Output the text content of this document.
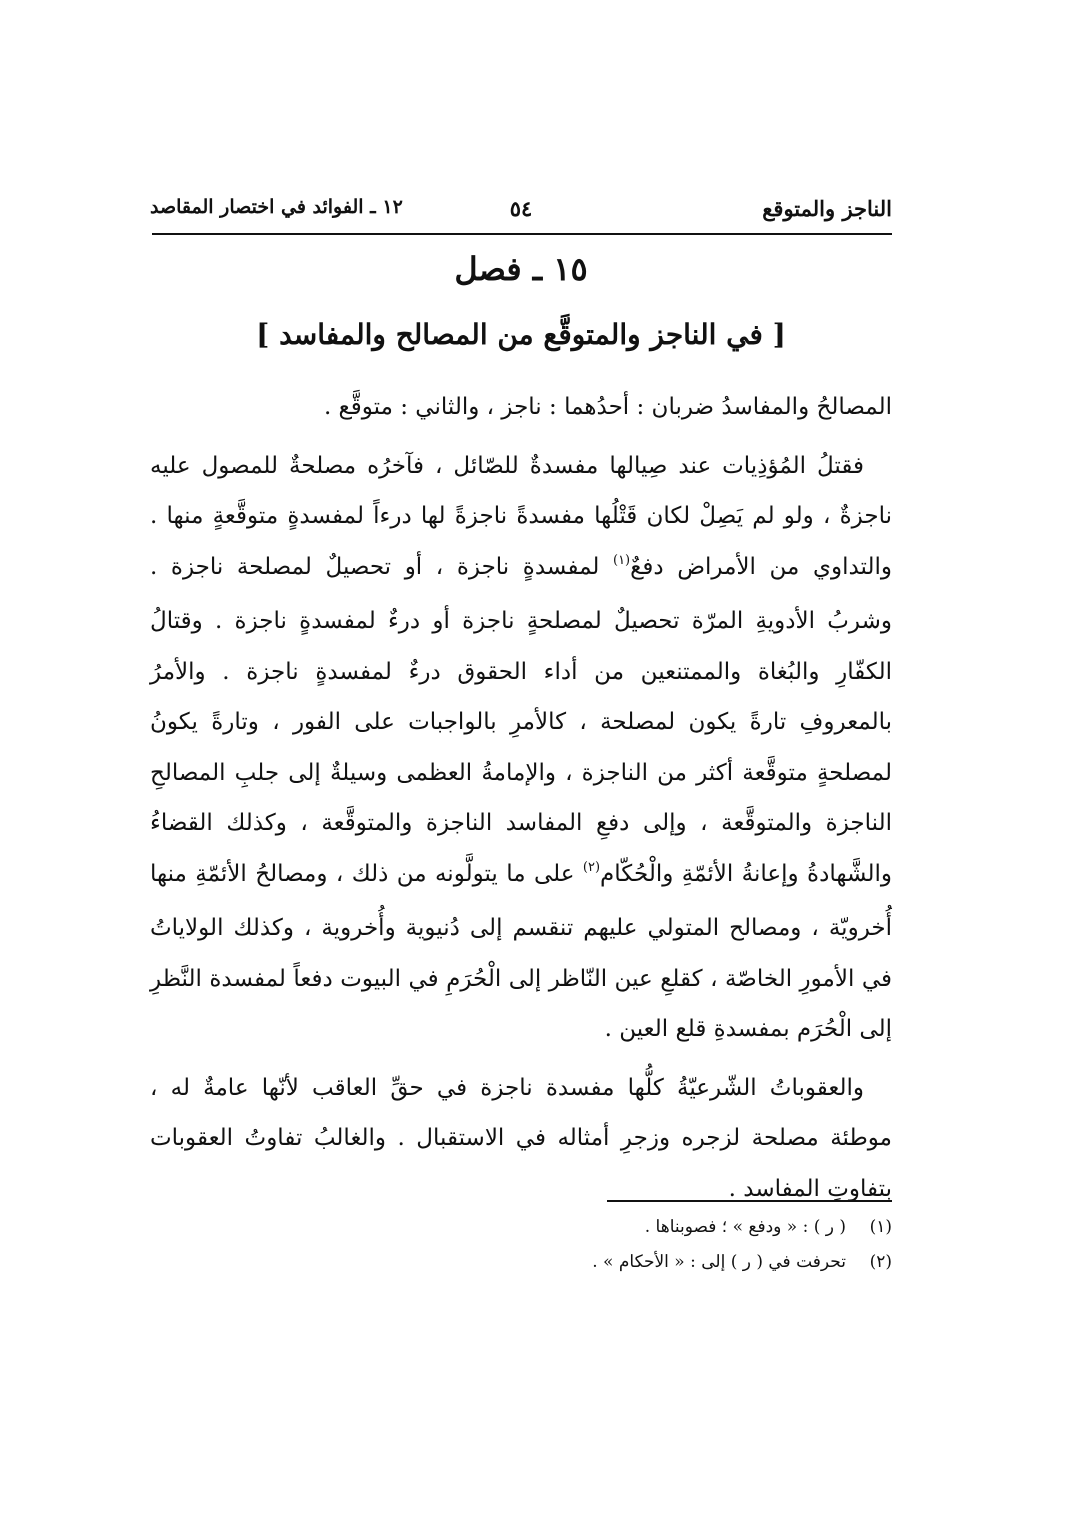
الناجز والمتوقع
٥٤
١٢ ـ الفوائد في اختصار المقاصد
١٥ ـ فصل
[ في الناجز والمتوقَّع من المصالح والمفاسد ]

المصالحُ والمفاسدُ ضربان : أحدُهما : ناجز ، والثاني : متوقَّع .

فقتلُ المُؤذِيات عند صِيالها مفسدةٌ للصّائل ، فآخرُه مصلحةٌ للمصول عليه ناجزةٌ ، ولو لم يَصِلْ لكان قَتْلُها مفسدةً ناجزةً لها درءاً لمفسدةٍ متوقَّعةٍ منها . والتداوي من الأمراض دفعٌ$^{(١)}$ لمفسدةٍ ناجزة ، أو تحصيلٌ لمصلحة ناجزة . وشربُ الأدويةِ المرّة تحصيلٌ لمصلحةٍ ناجزة أو درءٌ لمفسدةٍ ناجزة . وقتالُ الكفّارِ والبُغاة والممتنعين من أداء الحقوق درءٌ لمفسدةٍ ناجزة . والأمرُ بالمعروفِ تارةً يكون لمصلحة ، كالأمرِ بالواجبات على الفور ، وتارةً يكونُ لمصلحةٍ متوقَّعة أكثر من الناجزة ، والإمامةُ العظمى وسيلةٌ إلى جلبِ المصالحِ الناجزة والمتوقَّعة ، وإلى دفعِ المفاسد الناجزة والمتوقَّعة ، وكذلك القضاءُ والشَّهادةُ وإعانةُ الأئمّةِ والْحُكّام$^{(٢)}$ على ما يتولَّونه من ذلك ، ومصالحُ الأئمّةِ منها أُخرويّة ، ومصالح المتولي عليهم تنقسم إلى دُنيوية وأُخروية ، وكذلك الولاياتُ في الأمورِ الخاصّة ، كقلعِ عين النّاظر إلى الْحُرَمِ في البيوت دفعاً لمفسدة النَّظرِ إلى الْحُرَم بمفسدةِ قلع العين .

والعقوباتُ الشّرعيّةُ كلُّها مفسدة ناجزة في حقِّ العاقب لأنّها عامةٌ له ، موطئة مصلحة لزجره وزجرِ أمثاله في الاستقبال . والغالبُ تفاوتُ العقوبات بتفاوتِ المفاسد .

(١)( ر ) : « ودفع » ؛ فصوبناها .
(٢)تحرفت في ( ر ) إلى : « الأحكام » .
